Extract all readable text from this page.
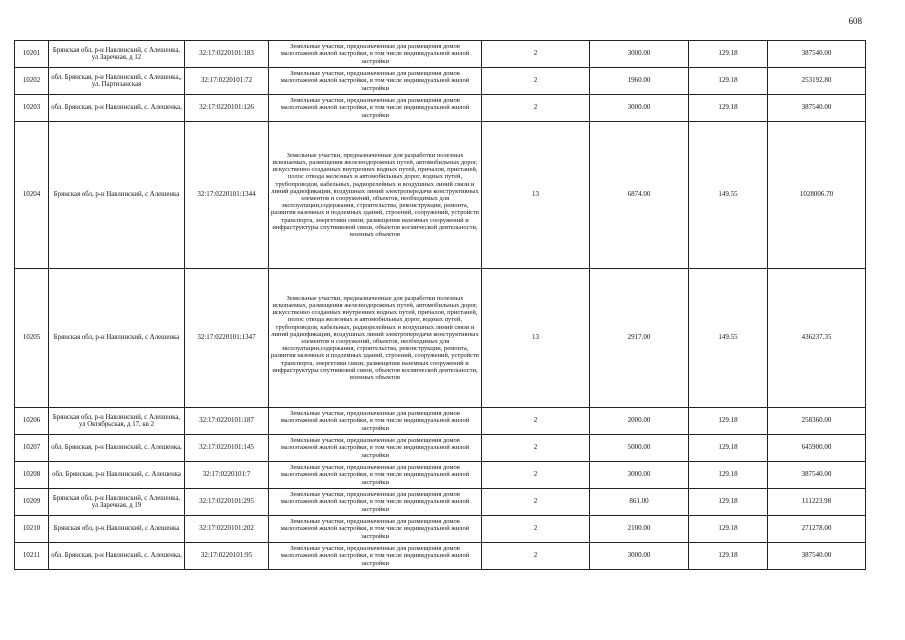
608
10201	Брянская обл, р-н Навлинский, с Алешенка, ул Заречная, д 12	32:17:0220101:183	Земельные участки, предназначенные для размещения домов малоэтажной жилой застройки, в том числе индивидуальной жилой застройки	2	3000.00	129.18	387540.00
10202	обл. Брянская, р-н Навлинский, с Алешенка,, ул. Партизанская	32:17:0220101:72	Земельные участки, предназначенные для размещения домов малоэтажной жилой застройки, в том числе индивидуальной жилой застройки	2	1960.00	129.18	253192.80
10203	обл. Брянская, р-н Навлинский, с. Алешенка,	32:17:0220101:126	Земельные участки, предназначенные для размещения домов малоэтажной жилой застройки, в том числе индивидуальной жилой застройки	2	3000.00	129.18	387540.00
10204	Брянская обл, р-н Навлинский, с Алешенка	32:17:0220101:1344	Земельные участки, предназначенные для разработки полезных ископаемых, размещения железнодорожных путей, автомобильных дорог, искусственно созданных внутренних водных путей, причалов, пристаней, полос отвода железных и автомобильных дорог, водных путей, трубопроводов, кабельных, радиорелейных и воздушных линий связи и линий радиофикации, воздушных линий электропередачи конструктивных элементов и сооружений, объектов, необходимых для эксплуатации,содержания, строительства, реконструкции, ремонта, развития наземных и подземных зданий, строений, сооружений, устройств транспорта, энергетики связи; размещения наземных сооружений и инфраструктуры спутниковой связи, объектов космической деятельности, военных объектов	13	6874.00	149.55	1028006.70
10205	Брянская обл, р-н Навлинский, с Алешенка	32:17:0220101:1347	Земельные участки, предназначенные для разработки полезных ископаемых, размещения железнодорожных путей, автомобильных дорог, искусственно созданных внутренних водных путей, причалов, пристаней, полос отвода железных и автомобильных дорог, водных путей, трубопроводов, кабельных, радиорелейных и воздушных линий связи и линий радиофикации, воздушных линий электропередачи конструктивных элементов и сооружений, объектов, необходимых для эксплуатации,содержания, строительства, реконструкции, ремонта, развития наземных и подземных зданий, строений, сооружений, устройств транспорта, энергетики связи; размещения наземных сооружений и инфраструктуры спутниковой связи, объектов космической деятельности, военных объектов	13	2917.00	149.55	436237.35
10206	Брянская обл, р-н Навлинский, с Алешенка, ул Октябрьская, д 17, кв 2	32:17:0220101:187	Земельные участки, предназначенные для размещения домов малоэтажной жилой застройки, в том числе индивидуальной жилой застройки	2	2000.00	129.18	258360.00
10207	обл. Брянская, р-н Навлинский, с. Алешенка,	32:17:0220101:145	Земельные участки, предназначенные для размещения домов малоэтажной жилой застройки, в том числе индивидуальной жилой застройки	2	5000.00	129.18	645900.00
10208	обл. Брянская, р-н Навлинский, с. Алешенка	32:17:0220101:7	Земельные участки, предназначенные для размещения домов малоэтажной жилой застройки, в том числе индивидуальной жилой застройки	2	3000.00	129.18	387540.00
10209	Брянская обл, р-н Навлинский, с Алешенка, ул Заречная, д 19	32:17:0220101:295	Земельные участки, предназначенные для размещения домов малоэтажной жилой застройки, в том числе индивидуальной жилой застройки	2	861.00	129.18	111223.98
10210	Брянская обл, р-н Навлинский, с Алешенка	32:17:0220101:202	Земельные участки, предназначенные для размещения домов малоэтажной жилой застройки, в том числе индивидуальной жилой застройки	2	2100.00	129.18	271278.00
10211	обл. Брянская, р-н Навлинский, с. Алешенка,	32:17:0220101:95	Земельные участки, предназначенные для размещения домов малоэтажной жилой застройки, в том числе индивидуальной жилой застройки	2	3000.00	129.18	387540.00
